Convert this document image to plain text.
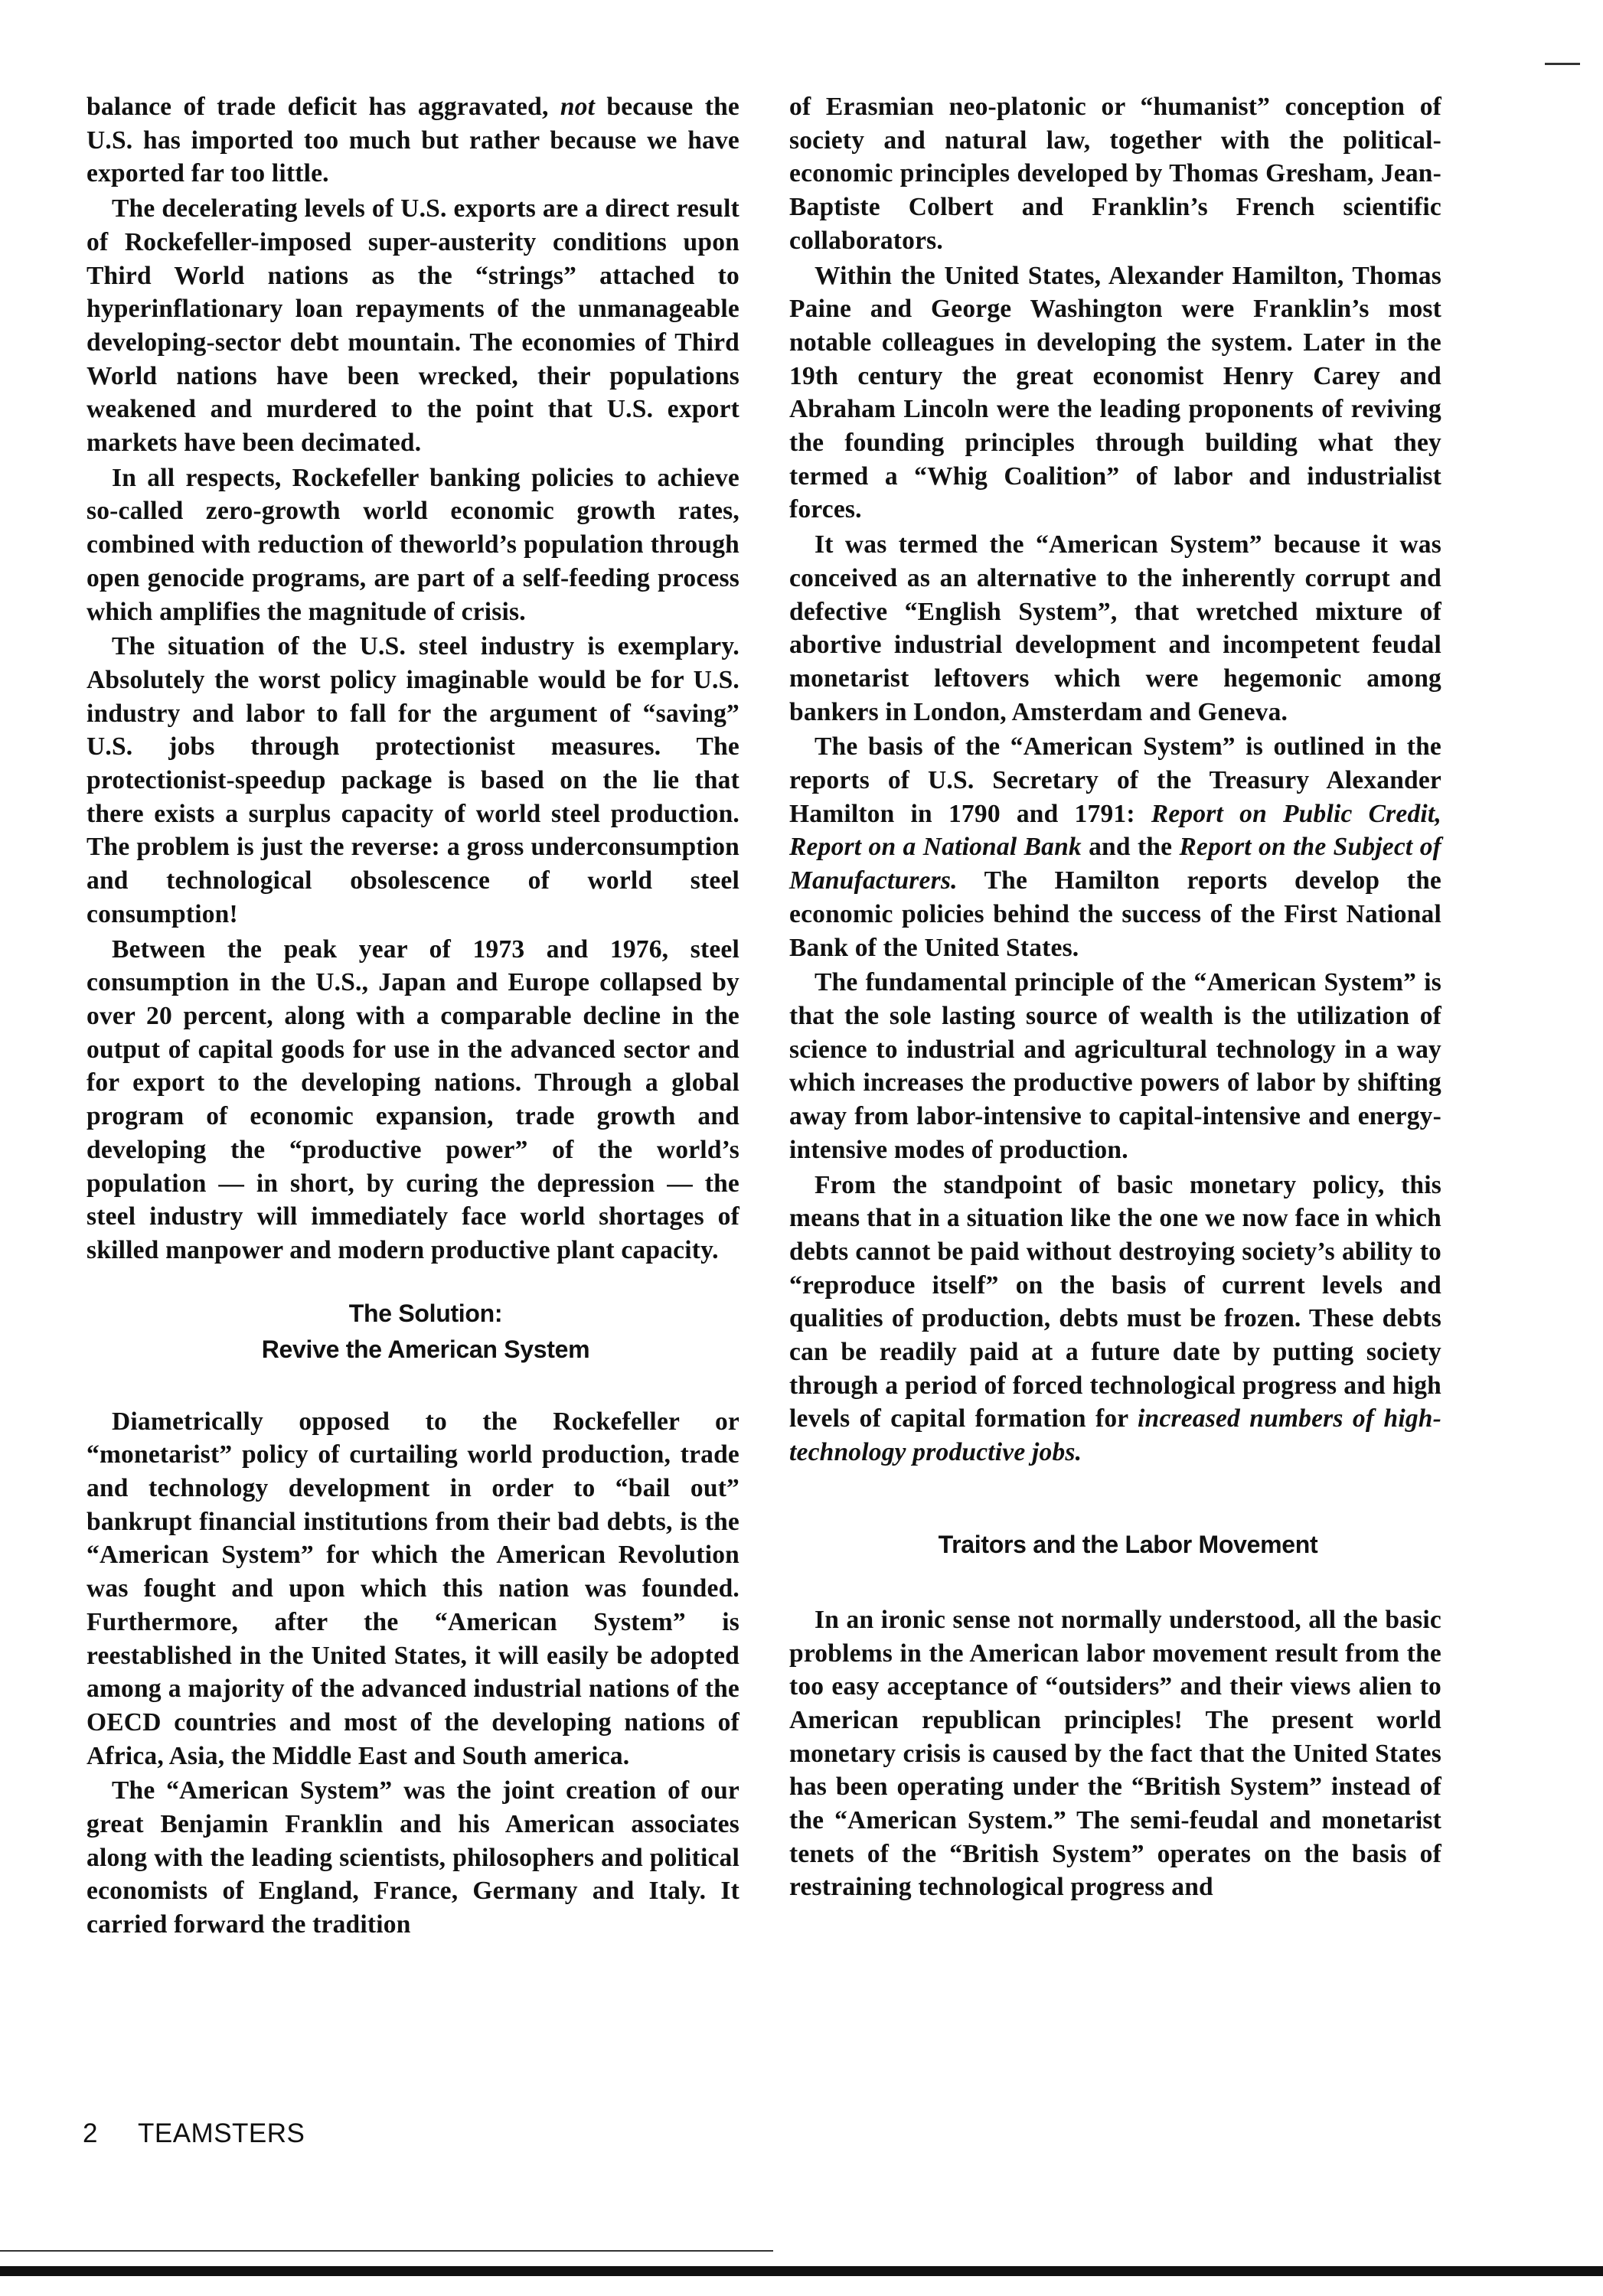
balance of trade deficit has aggravated, not because the U.S. has imported too much but rather because we have exported far too little.

The decelerating levels of U.S. exports are a direct result of Rockefeller-imposed super-austerity conditions upon Third World nations as the “strings” attached to hyperinflationary loan repayments of the unmanageable developing-sector debt mountain. The economies of Third World nations have been wrecked, their populations weakened and murdered to the point that U.S. export markets have been decimated.

In all respects, Rockefeller banking policies to achieve so-called zero-growth world economic growth rates, combined with reduction of theworld’s population through open genocide programs, are part of a self-feeding process which amplifies the magnitude of crisis.

The situation of the U.S. steel industry is exemplary. Absolutely the worst policy imaginable would be for U.S. industry and labor to fall for the argument of “saving” U.S. jobs through protectionist measures. The protectionist-speedup package is based on the lie that there exists a surplus capacity of world steel production. The problem is just the reverse: a gross underconsumption and technological obsolescence of world steel consumption!

Between the peak year of 1973 and 1976, steel consumption in the U.S., Japan and Europe collapsed by over 20 percent, along with a comparable decline in the output of capital goods for use in the advanced sector and for export to the developing nations. Through a global program of economic expansion, trade growth and developing the “productive power” of the world’s population — in short, by curing the depression — the steel industry will immediately face world shortages of skilled manpower and modern productive plant capacity.

The Solution:

Revive the American System

Diametrically opposed to the Rockefeller or “monetarist” policy of curtailing world production, trade and technology development in order to “bail out” bankrupt financial institutions from their bad debts, is the “American System” for which the American Revolution was fought and upon which this nation was founded. Furthermore, after the “American System” is reestablished in the United States, it will easily be adopted among a majority of the advanced industrial nations of the OECD countries and most of the developing nations of Africa, Asia, the Middle East and South america.

The “American System” was the joint creation of our great Benjamin Franklin and his American associates along with the leading scientists, philosophers and political economists of England, France, Germany and Italy. It carried forward the tradition

of Erasmian neo-platonic or “humanist” conception of society and natural law, together with the political-economic principles developed by Thomas Gresham, Jean-Baptiste Colbert and Franklin’s French scientific collaborators.

Within the United States, Alexander Hamilton, Thomas Paine and George Washington were Franklin’s most notable colleagues in developing the system. Later in the 19th century the great economist Henry Carey and Abraham Lincoln were the leading proponents of reviving the founding principles through building what they termed a “Whig Coalition” of labor and industrialist forces.

It was termed the “American System” because it was conceived as an alternative to the inherently corrupt and defective “English System”, that wretched mixture of abortive industrial development and incompetent feudal monetarist leftovers which were hegemonic among bankers in London, Amsterdam and Geneva.

The basis of the “American System” is outlined in the reports of U.S. Secretary of the Treasury Alexander Hamilton in 1790 and 1791: Report on Public Credit, Report on a National Bank and the Report on the Subject of Manufacturers. The Hamilton reports develop the economic policies behind the success of the First National Bank of the United States.

The fundamental principle of the “American System” is that the sole lasting source of wealth is the utilization of science to industrial and agricultural technology in a way which increases the productive powers of labor by shifting away from labor-intensive to capital-intensive and energy-intensive modes of production.

From the standpoint of basic monetary policy, this means that in a situation like the one we now face in which debts cannot be paid without destroying society’s ability to “reproduce itself” on the basis of current levels and qualities of production, debts must be frozen. These debts can be readily paid at a future date by putting society through a period of forced technological progress and high levels of capital formation for increased numbers of high-technology productive jobs.

Traitors and the Labor Movement

In an ironic sense not normally understood, all the basic problems in the American labor movement result from the too easy acceptance of “outsiders” and their views alien to American republican principles! The present world monetary crisis is caused by the fact that the United States has been operating under the “British System” instead of the “American System.” The semi-feudal and monetarist tenets of the “British System” operates on the basis of restraining technological progress and

2 TEAMSTERS
